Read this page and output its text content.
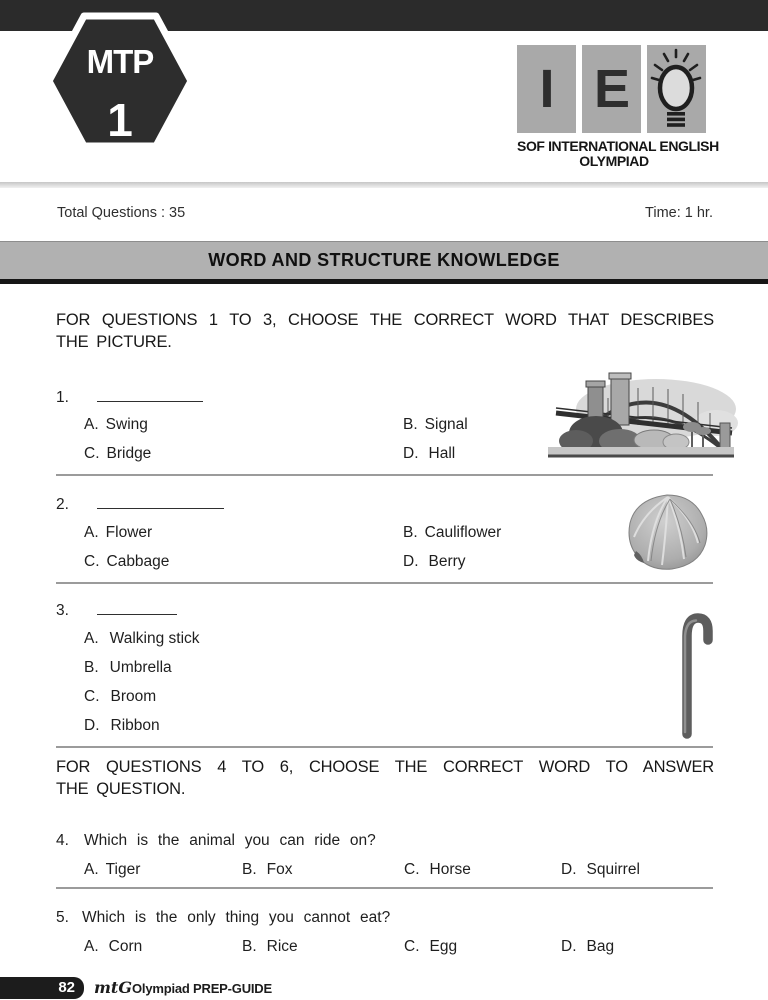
MTP
1
I E
SOF INTERNATIONAL ENGLISH
OLYMPIAD
Total Questions : 35	Time: 1 hr.
WORD AND STRUCTURE KNOWLEDGE
FOR QUESTIONS 1 TO 3, CHOOSE THE CORRECT WORD THAT DESCRIBES
THE PICTURE.
1.
A. Swing	B. Signal
C. Bridge	D. Hall
2.
A. Flower	B. Cauliflower
C. Cabbage	D. Berry
3.
A. Walking stick
B. Umbrella
C. Broom
D. Ribbon
FOR QUESTIONS 4 TO 6, CHOOSE THE CORRECT WORD TO ANSWER
THE QUESTION.
4. Which is the animal you can ride on?
A. Tiger	B. Fox	C. Horse	D. Squirrel
5. Which is the only thing you cannot eat?
A. Corn	B. Rice	C. Egg	D. Bag
82	mtG Olympiad PREP-GUIDE
